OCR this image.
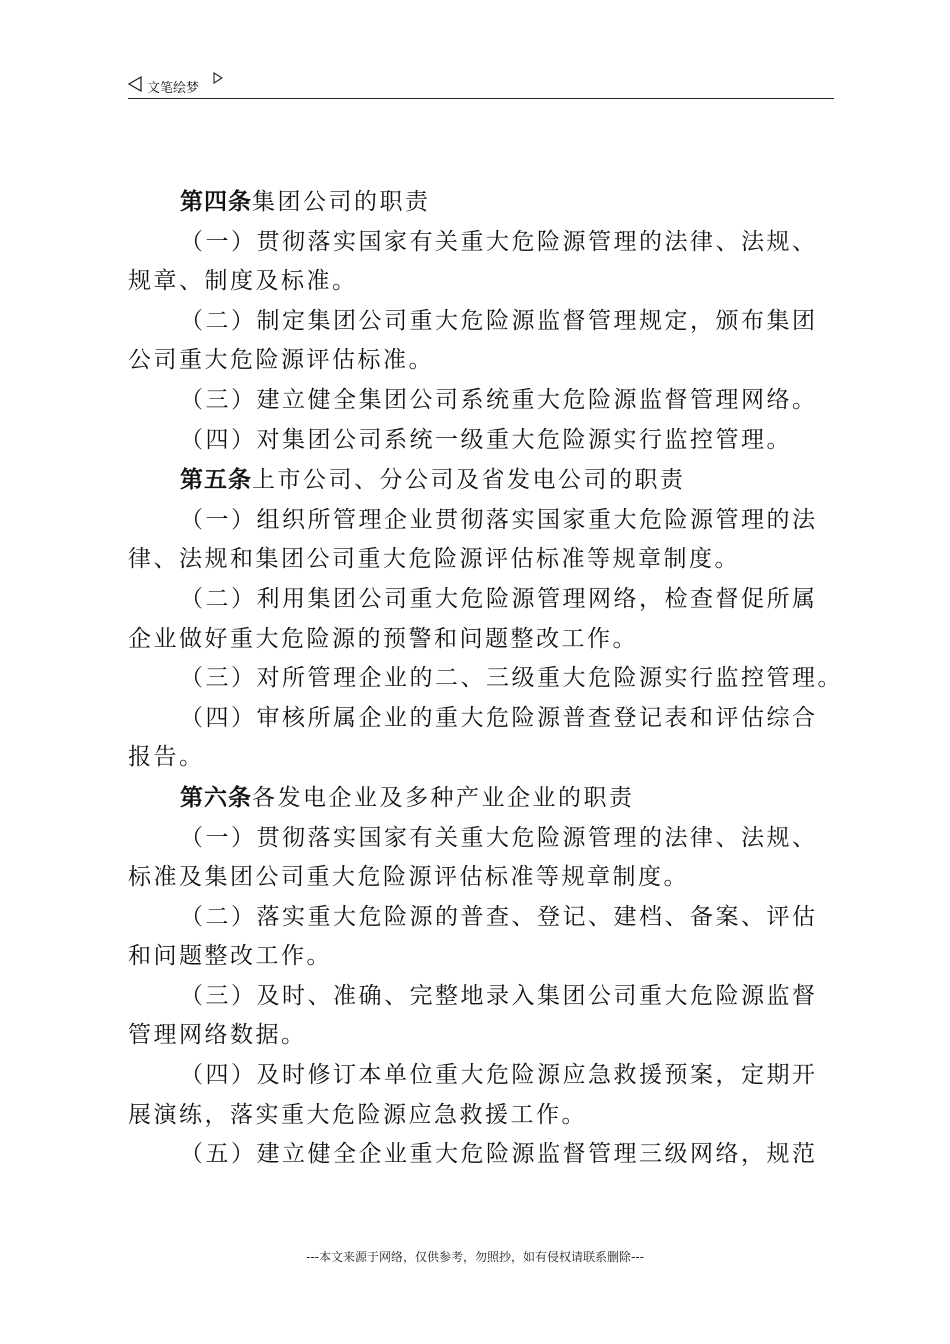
文笔绘梦

第四条集团公司的职责

（一）贯彻落实国家有关重大危险源管理的法律、法规、

规章、制度及标准。

（二）制定集团公司重大危险源监督管理规定，颁布集团

公司重大危险源评估标准。

（三）建立健全集团公司系统重大危险源监督管理网络。

（四）对集团公司系统一级重大危险源实行监控管理。

第五条上市公司、分公司及省发电公司的职责

（一）组织所管理企业贯彻落实国家重大危险源管理的法

律、法规和集团公司重大危险源评估标准等规章制度。

（二）利用集团公司重大危险源管理网络，检查督促所属

企业做好重大危险源的预警和问题整改工作。

（三）对所管理企业的二、三级重大危险源实行监控管理。

（四）审核所属企业的重大危险源普查登记表和评估综合

报告。

第六条各发电企业及多种产业企业的职责

（一）贯彻落实国家有关重大危险源管理的法律、法规、

标准及集团公司重大危险源评估标准等规章制度。

（二）落实重大危险源的普查、登记、建档、备案、评估

和问题整改工作。

（三）及时、准确、完整地录入集团公司重大危险源监督

管理网络数据。

（四）及时修订本单位重大危险源应急救援预案，定期开

展演练，落实重大危险源应急救援工作。

（五）建立健全企业重大危险源监督管理三级网络，规范

---本文来源于网络，仅供参考，勿照抄，如有侵权请联系删除---
